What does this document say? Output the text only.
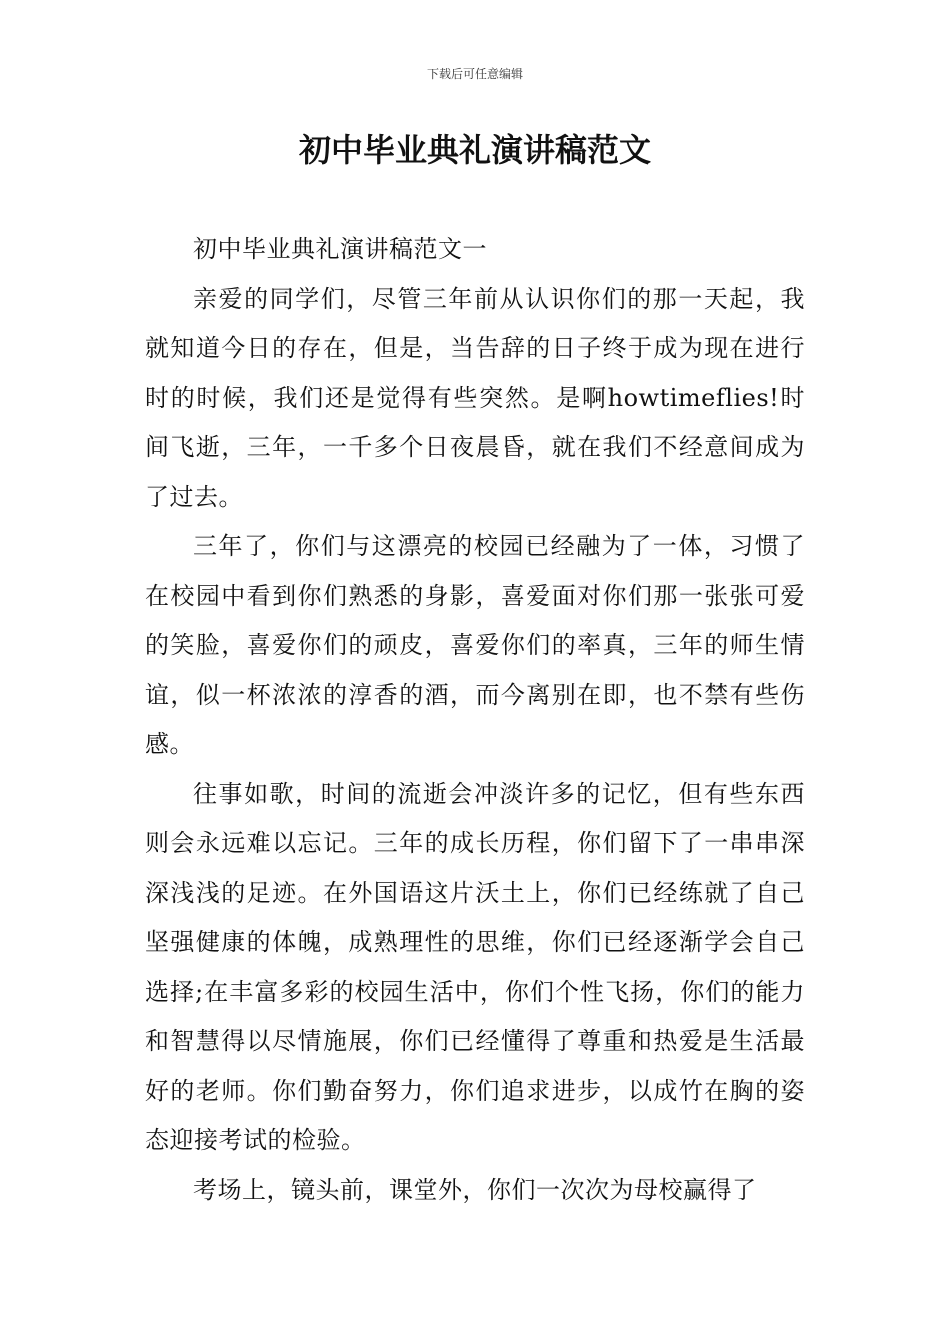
下载后可任意编辑
初中毕业典礼演讲稿范文

初中毕业典礼演讲稿范文一

亲爱的同学们，尽管三年前从认识你们的那一天起，我就知道今日的存在，但是，当告辞的日子终于成为现在进行时的时候，我们还是觉得有些突然。是啊howtimeflies!时间飞逝，三年，一千多个日夜晨昏，就在我们不经意间成为了过去。

三年了，你们与这漂亮的校园已经融为了一体，习惯了在校园中看到你们熟悉的身影，喜爱面对你们那一张张可爱的笑脸，喜爱你们的顽皮，喜爱你们的率真，三年的师生情谊，似一杯浓浓的淳香的酒，而今离别在即，也不禁有些伤感。

往事如歌，时间的流逝会冲淡许多的记忆，但有些东西则会永远难以忘记。三年的成长历程，你们留下了一串串深深浅浅的足迹。在外国语这片沃土上，你们已经练就了自己坚强健康的体魄，成熟理性的思维，你们已经逐渐学会自己选择;在丰富多彩的校园生活中，你们个性飞扬，你们的能力和智慧得以尽情施展，你们已经懂得了尊重和热爱是生活最好的老师。你们勤奋努力，你们追求进步，以成竹在胸的姿态迎接考试的检验。

考场上，镜头前，课堂外，你们一次次为母校赢得了
